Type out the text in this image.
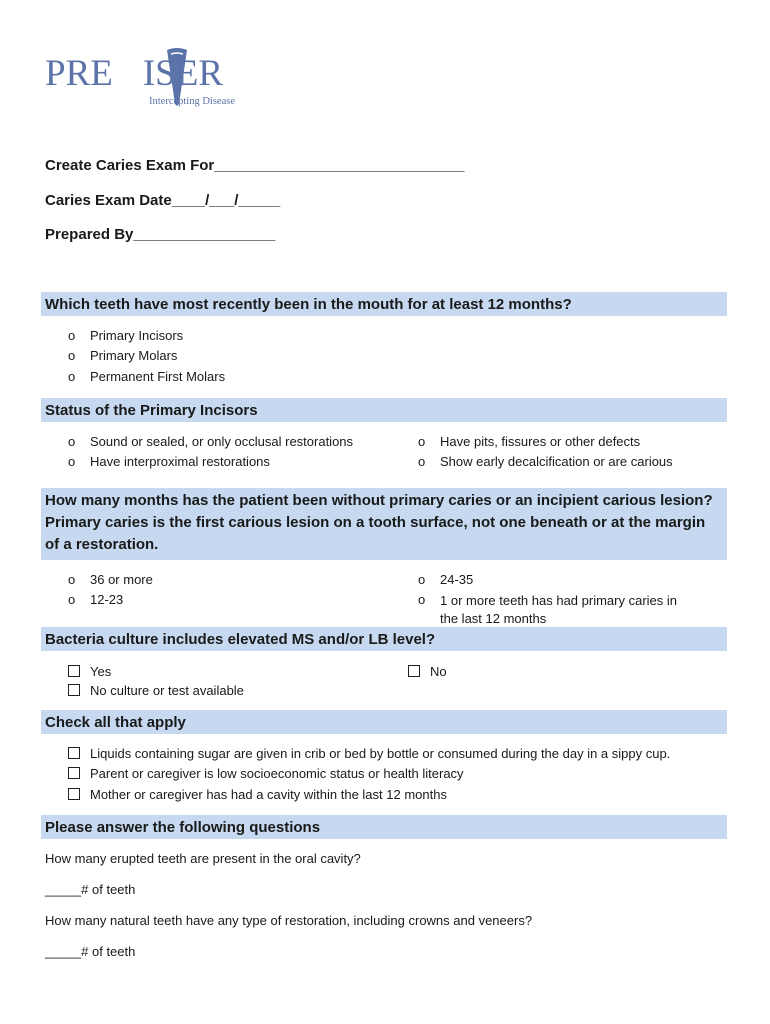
PRE ISER
Intercepting Disease
Create Caries Exam For______________________________
Caries Exam Date____/___/_____
Prepared By_________________
Which teeth have most recently been in the mouth for at least 12 months?
o Primary Incisors
o Primary Molars
o Permanent First Molars
Status of the Primary Incisors
o Sound or sealed, or only occlusal restorations
o Have interproximal restorations
o Have pits, fissures or other defects
o Show early decalcification or are carious
How many months has the patient been without primary caries or an incipient carious lesion? Primary caries is the first carious lesion on a tooth surface, not one beneath or at the margin of a restoration.
o 36 or more
o 12-23
o 24-35
o	1 or more teeth has had primary caries in the last 12 months
Bacteria culture includes elevated MS and/or LB level?
Yes
No culture or test available
No
Check all that apply
Liquids containing sugar are given in crib or bed by bottle or consumed during the day in a sippy cup.
Parent or caregiver is low socioeconomic status or health literacy
Mother or caregiver has had a cavity within the last 12 months
Please answer the following questions
How many erupted teeth are present in the oral cavity?
_____# of teeth
How many natural teeth have any type of restoration, including crowns and veneers?
_____# of teeth
